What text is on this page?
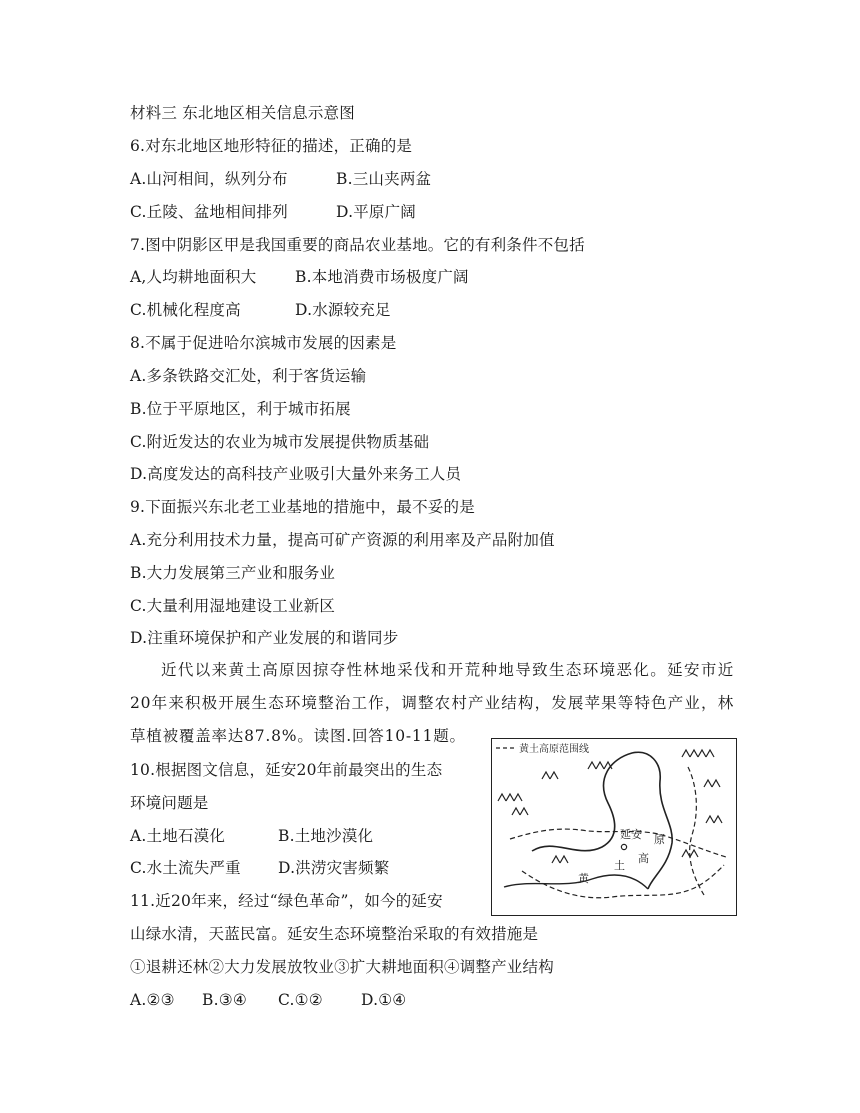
材料三 东北地区相关信息示意图
6.对东北地区地形特征的描述，正确的是
A.山河相间，纵列分布	B.三山夹两盆
C.丘陵、盆地相间排列	D.平原广阔
7.图中阴影区甲是我国重要的商品农业基地。它的有利条件不包括
A,人均耕地面积大 B.本地消费市场极度广阔
C.机械化程度高	D.水源较充足
8.不属于促进哈尔滨城市发展的因素是
A.多条铁路交汇处，利于客货运输
B.位于平原地区，利于城市拓展
C.附近发达的农业为城市发展提供物质基础
D.高度发达的高科技产业吸引大量外来务工人员
9.下面振兴东北老工业基地的措施中，最不妥的是
A.充分利用技术力量，提高可矿产资源的利用率及产品附加值
B.大力发展第三产业和服务业
C.大量利用湿地建设工业新区
D.注重环境保护和产业发展的和谐同步
近代以来黄土高原因掠夺性林地采伐和开荒种地导致生态环境恶化。延安市近20年来积极开展生态环境整治工作，调整农村产业结构，发展苹果等特色产业，林草植被覆盖率达87.8%。读图.回答10-11题。
10.根据图文信息，延安20年前最突出的生态
环境问题是
A.土地石漠化	B.土地沙漠化
C.水土流失严重 D.洪涝灾害频繁
11.近20年来，经过“绿色革命”，如今的延安
山绿水清，天蓝民富。延安生态环境整治采取的有效措施是
①退耕还林②大力发展放牧业③扩大耕地面积④调整产业结构
A.②③ B.③④ C.①② D.①④
黄土高原范围线
延安
高
原
土
黄
